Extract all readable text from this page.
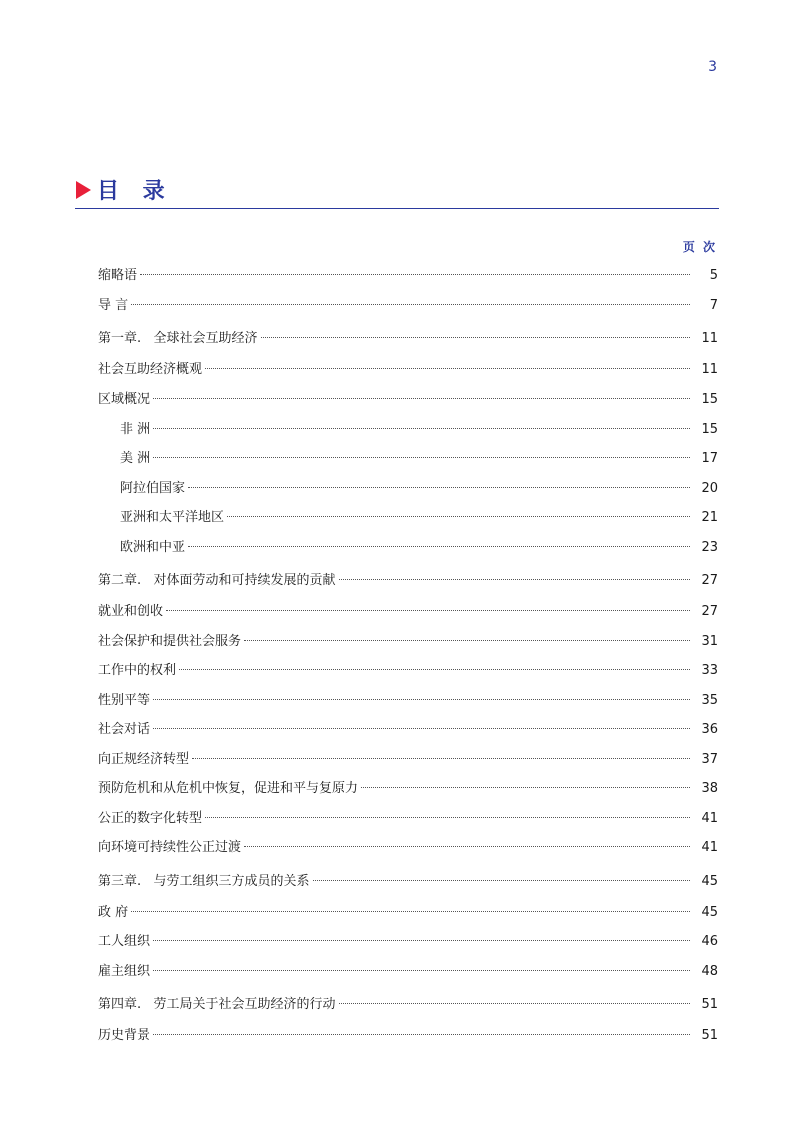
3
目 录
页 次
缩略语	5
导 言	7
第一章.   全球社会互助经济	11
社会互助经济概观	11
区域概况	15
非 洲	15
美 洲	17
阿拉伯国家	20
亚洲和太平洋地区	21
欧洲和中亚	23
第二章.   对体面劳动和可持续发展的贡献	27
就业和创收	27
社会保护和提供社会服务	31
工作中的权利	33
性别平等	35
社会对话	36
向正规经济转型	37
预防危机和从危机中恢复，促进和平与复原力	38
公正的数字化转型	41
向环境可持续性公正过渡	41
第三章.   与劳工组织三方成员的关系	45
政 府	45
工人组织	46
雇主组织	48
第四章.   劳工局关于社会互助经济的行动	51
历史背景	51
